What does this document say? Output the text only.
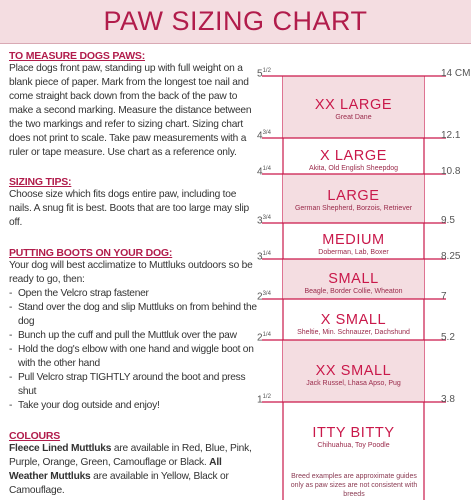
PAW SIZING CHART
TO MEASURE DOGS PAWS:

Place dogs front paw, standing up with full weight on a blank piece of paper. Mark from the longest toe nail and come straight back down from the back of the paw to make a second marking. Measure the distance between the two markings and refer to sizing chart. Sizing chart does not print to scale. Take paw measurements with a ruler or tape measure. Use chart as a reference only.

SIZING TIPS:

Choose size which fits dogs entire paw, including toe nails. A snug fit is best. Boots that are too large may slip off.

PUTTING BOOTS ON YOUR DOG:

Your dog will best acclimatize to Muttluks outdoors so be ready to go, then:

- Open the Velcro strap fastener
- Stand over the dog and slip Muttluks on from behind the dog
- Bunch up the cuff and pull the Muttluk over the paw
- Hold the dog's elbow with one hand and wiggle boot on with the other hand
- Pull Velcro strap TIGHTLY around the boot and press shut
- Take your dog outside and enjoy!
COLOURS

Fleece Lined Muttluks are available in Red, Blue, Pink, Purple, Orange, Green, Camouflage or Black. All Weather Muttluks are available in Yellow, Black or Camouflage.

XX LARGE
Great Dane
X LARGE
Akita, Old English Sheepdog
LARGE
German Shepherd, Borzois, Retriever
MEDIUM
Doberman, Lab, Boxer
SMALL
Beagle, Border Collie, Wheaton
X SMALL
Sheltie, Min. Schnauzer, Dachshund
XX SMALL
Jack Russel, Lhasa Apso, Pug
ITTY BITTY
Chihuahua, Toy Poodle
Breed examples are approximate guides only as paw sizes are not consistent with breeds
$5^{1/2}$
$4^{3/4}$
$4^{1/4}$
$3^{3/4}$
$3^{1/4}$
$2^{3/4}$
$2^{1/4}$
$1^{1/2}$
14 CM
12.1
10.8
9.5
8.25
7
5.2
3.8
